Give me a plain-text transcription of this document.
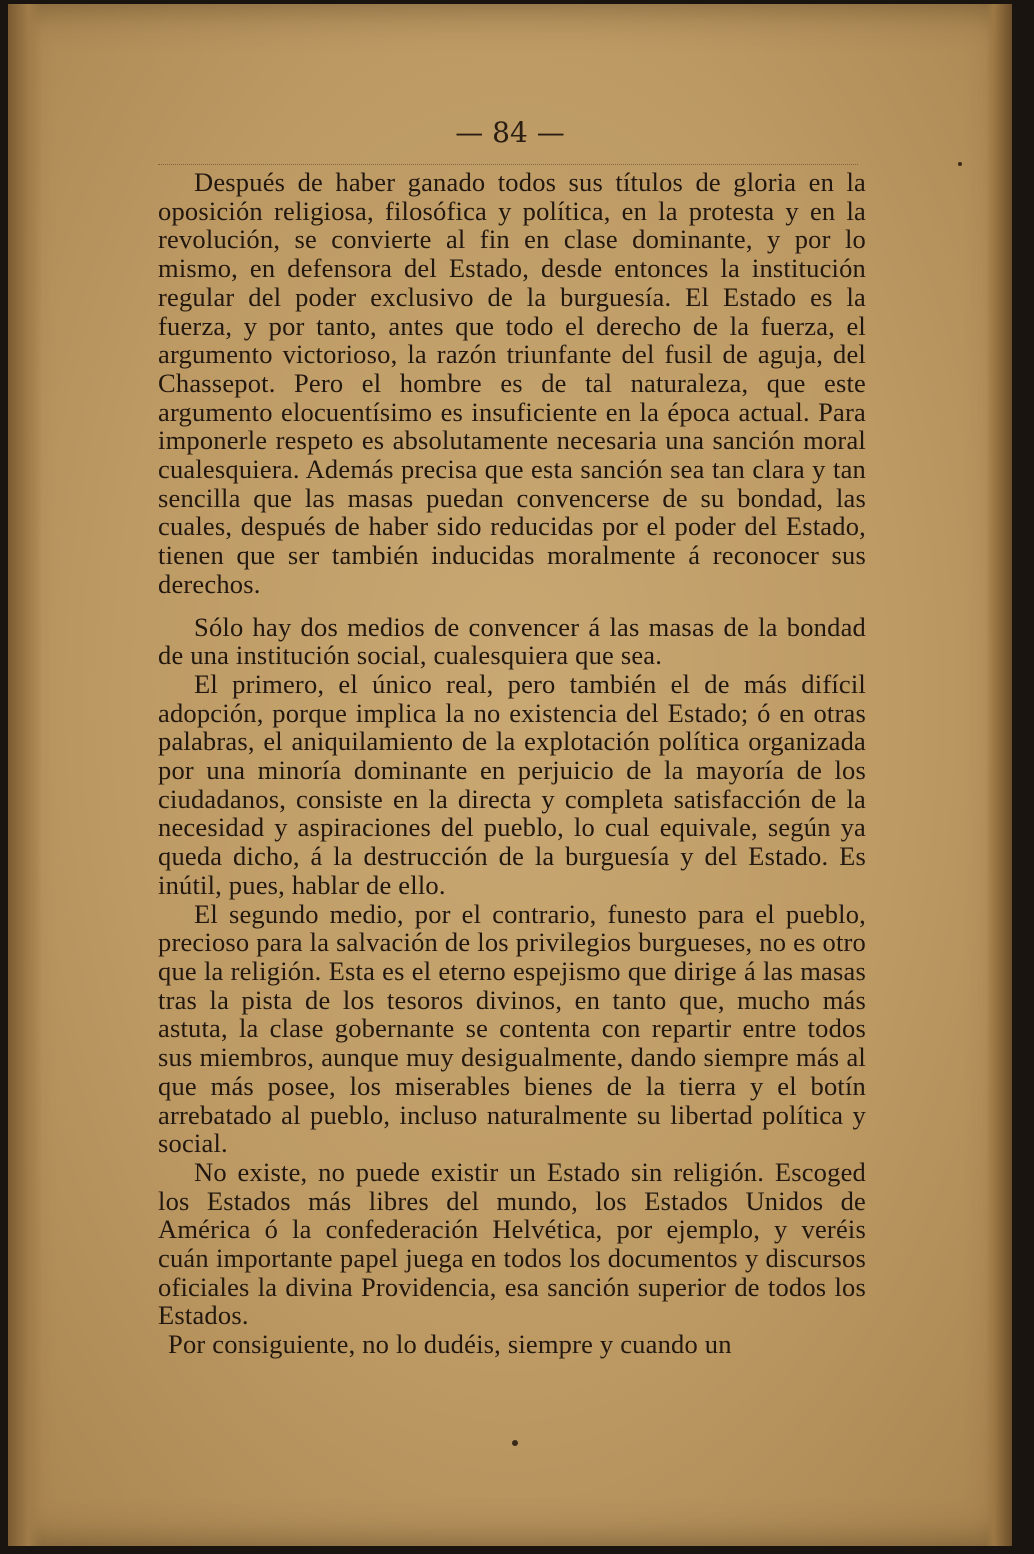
— 84 —

Después de haber ganado todos sus títulos de gloria en la oposición religiosa, filosófica y política, en la protesta y en la revolución, se convierte al fin en clase dominante, y por lo mismo, en defensora del Estado, desde entonces la institución regular del poder exclusivo de la burguesía. El Estado es la fuerza, y por tanto, antes que todo el derecho de la fuerza, el argumento victorioso, la razón triunfante del fusil de aguja, del Chassepot. Pero el hombre es de tal naturaleza, que este argumento elocuentísimo es insuficiente en la época actual. Para imponerle respeto es absolutamente necesaria una sanción moral cualesquiera. Además precisa que esta sanción sea tan clara y tan sencilla que las masas puedan convencerse de su bondad, las cuales, después de haber sido reducidas por el poder del Estado, tienen que ser también inducidas moralmente á reconocer sus derechos.

Sólo hay dos medios de convencer á las masas de la bondad de una institución social, cualesquiera que sea.

El primero, el único real, pero también el de más difícil adopción, porque implica la no existencia del Estado; ó en otras palabras, el aniquilamiento de la explotación política organizada por una minoría dominante en perjuicio de la mayoría de los ciudadanos, consiste en la directa y completa satisfacción de la necesidad y aspiraciones del pueblo, lo cual equivale, según ya queda dicho, á la destrucción de la burguesía y del Estado. Es inútil, pues, hablar de ello.

El segundo medio, por el contrario, funesto para el pueblo, precioso para la salvación de los privilegios burgueses, no es otro que la religión. Esta es el eterno espejismo que dirige á las masas tras la pista de los tesoros divinos, en tanto que, mucho más astuta, la clase gobernante se contenta con repartir entre todos sus miembros, aunque muy desigualmente, dando siempre más al que más posee, los miserables bienes de la tierra y el botín arrebatado al pueblo, incluso naturalmente su libertad política y social.

No existe, no puede existir un Estado sin religión. Escoged los Estados más libres del mundo, los Estados Unidos de América ó la confederación Helvética, por ejemplo, y veréis cuán importante papel juega en todos los documentos y discursos oficiales la divina Providencia, esa sanción superior de todos los Estados.

Por consiguiente, no lo dudéis, siempre y cuando un
